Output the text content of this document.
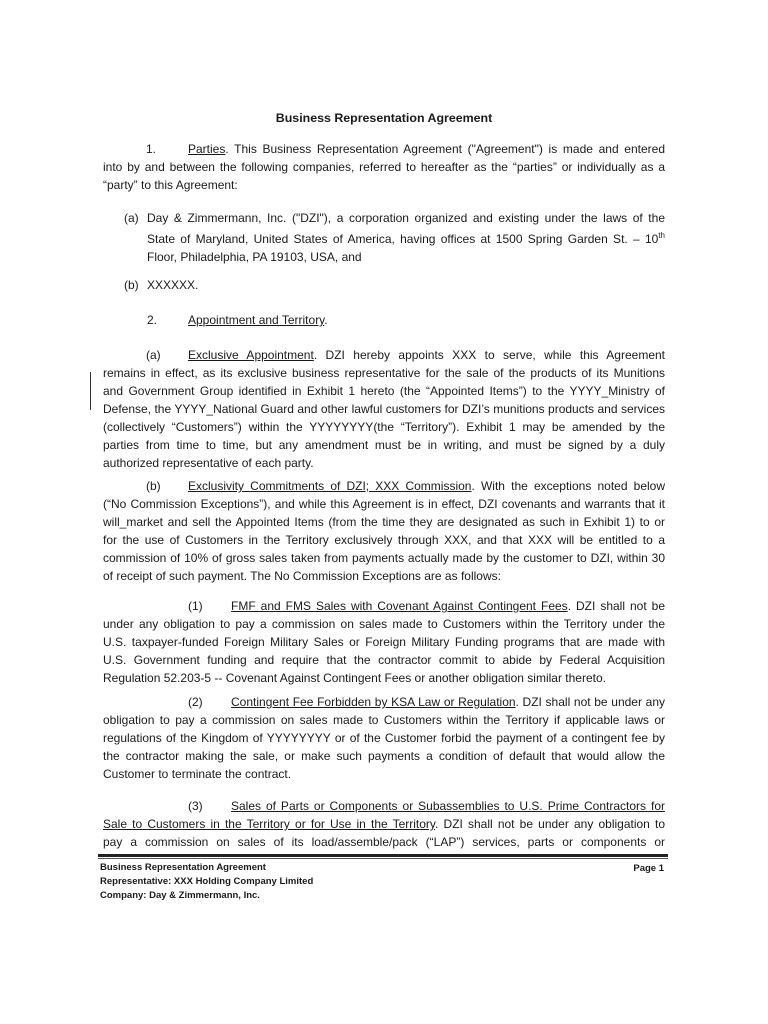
Business Representation Agreement
1.	Parties. This Business Representation Agreement ("Agreement") is made and entered
into by and between the following companies, referred to hereafter as the “parties” or individually as a
“party” to this Agreement:
(a) Day & Zimmermann, Inc. ("DZI"), a corporation organized and existing under the laws of the
State of Maryland, United States of America, having offices at 1500 Spring Garden St. – 10th
Floor, Philadelphia, PA 19103, USA, and
(b) XXXXXX.
2.	Appointment and Territory.
(a) Exclusive Appointment. DZI hereby appoints XXX to serve, while this Agreement
remains in effect, as its exclusive business representative for the sale of the products of its Munitions
and Government Group identified in Exhibit 1 hereto (the “Appointed Items”) to the YYYY_Ministry of
Defense, the YYYY_National Guard and other lawful customers for DZI’s munitions products and services
(collectively “Customers”) within the YYYYYYYY(the “Territory”). Exhibit 1 may be amended by the
parties from time to time, but any amendment must be in writing, and must be signed by a duly
authorized representative of each party.
(b) Exclusivity Commitments of DZI; XXX Commission. With the exceptions noted below
(“No Commission Exceptions”), and while this Agreement is in effect, DZI covenants and warrants that it
will_market and sell the Appointed Items (from the time they are designated as such in Exhibit 1) to or
for the use of Customers in the Territory exclusively through XXX, and that XXX will be entitled to a
commission of 10% of gross sales taken from payments actually made by the customer to DZI, within 30
of receipt of such payment. The No Commission Exceptions are as follows:
(1) FMF and FMS Sales with Covenant Against Contingent Fees. DZI shall not be
under any obligation to pay a commission on sales made to Customers within the Territory under the
U.S. taxpayer-funded Foreign Military Sales or Foreign Military Funding programs that are made with
U.S. Government funding and require that the contractor commit to abide by Federal Acquisition
Regulation 52.203-5 -- Covenant Against Contingent Fees or another obligation similar thereto.
(2) Contingent Fee Forbidden by KSA Law or Regulation. DZI shall not be under any
obligation to pay a commission on sales made to Customers within the Territory if applicable laws or
regulations of the Kingdom of YYYYYYYY or of the Customer forbid the payment of a contingent fee by
the contractor making the sale, or make such payments a condition of default that would allow the
Customer to terminate the contract.
(3) Sales of Parts or Components or Subassemblies to U.S. Prime Contractors for
Sale to Customers in the Territory or for Use in the Territory. DZI shall not be under any obligation to
pay a commission on sales of its load/assemble/pack (“LAP”) services, parts or components or
Business Representation Agreement
Representative: XXX Holding Company Limited
Company: Day & Zimmermann, Inc.
Page 1
